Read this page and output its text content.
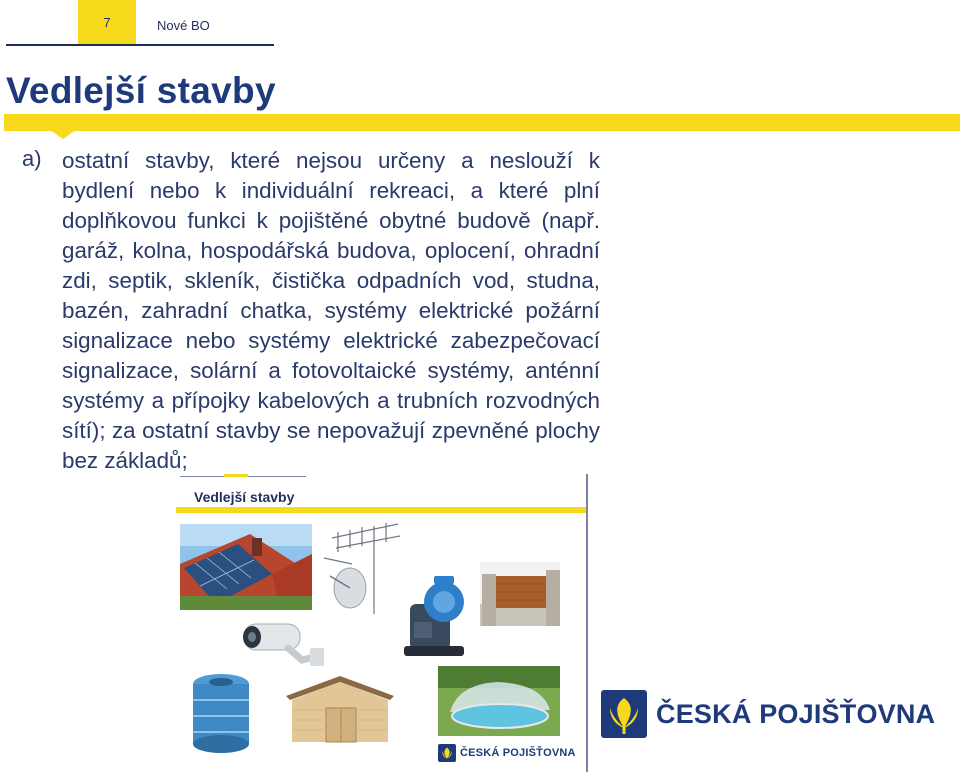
7	Nové BO
Vedlejší stavby
a) ostatní stavby, které nejsou určeny a neslouží k bydlení nebo k individuální rekreaci, a které plní doplňkovou funkci k pojištěné obytné budově (např. garáž, kolna, hospodářská budova, oplocení, ohradní zdi, septik, skleník, čistička odpadních vod, studna, bazén, zahradní chatka, systémy elektrické požární signalizace nebo systémy elektrické zabezpečovací signalizace, solární a fotovoltaické systémy, anténní systémy a přípojky kabelových a trubních rozvodných sítí); za ostatní stavby se nepovažují zpevněné plochy bez základů;
Vedlejší stavby
ČESKÁ POJIŠŤOVNA
ČESKÁ POJIŠŤOVNA
